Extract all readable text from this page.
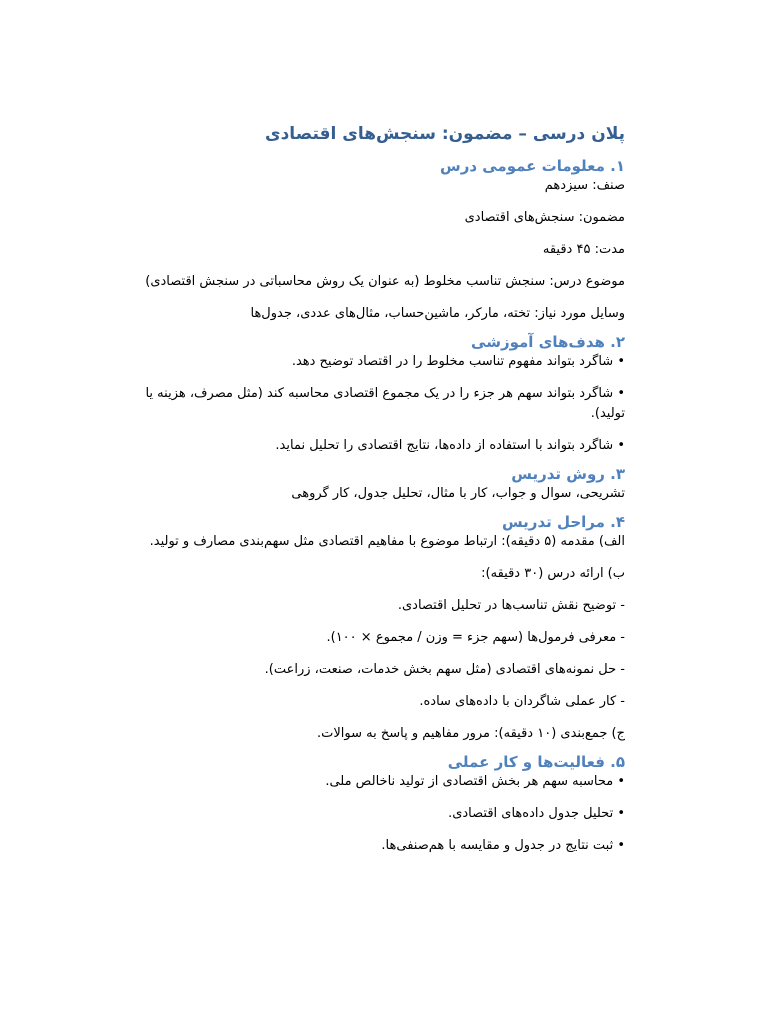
پلان درسی – مضمون: سنجش‌های اقتصادی
۱. معلومات عمومی درس

صنف: سیزدهم

مضمون: سنجش‌های اقتصادی

مدت: ۴۵ دقیقه

موضوع درس: سنجش تناسب مخلوط (به عنوان یک روش محاسباتی در سنجش اقتصادی)

وسایل مورد نیاز: تخته، مارکر، ماشین‌حساب، مثال‌های عددی، جدول‌ها

۲. هدف‌های آموزشی

• شاگرد بتواند مفهوم تناسب مخلوط را در اقتصاد توضیح دهد.

• شاگرد بتواند سهم هر جزء را در یک مجموع اقتصادی محاسبه کند (مثل مصرف، هزینه یا تولید).

• شاگرد بتواند با استفاده از داده‌ها، نتایج اقتصادی را تحلیل نماید.

۳. روش تدریس

تشریحی، سوال و جواب، کار با مثال، تحلیل جدول، کار گروهی

۴. مراحل تدریس

الف) مقدمه (۵ دقیقه): ارتباط موضوع با مفاهیم اقتصادی مثل سهم‌بندی مصارف و تولید.

ب) ارائه درس (۳۰ دقیقه):

- توضیح نقش تناسب‌ها در تحلیل اقتصادی.

- معرفی فرمول‌ها (سهم جزء = وزن / مجموع × ۱۰۰).

- حل نمونه‌های اقتصادی (مثل سهم بخش خدمات، صنعت، زراعت).

- کار عملی شاگردان با داده‌های ساده.

ج) جمع‌بندی (۱۰ دقیقه): مرور مفاهیم و پاسخ به سوالات.

۵. فعالیت‌ها و کار عملی

• محاسبه سهم هر بخش اقتصادی از تولید ناخالص ملی.

• تحلیل جدول داده‌های اقتصادی.

• ثبت نتایج در جدول و مقایسه با هم‌صنفی‌ها.
